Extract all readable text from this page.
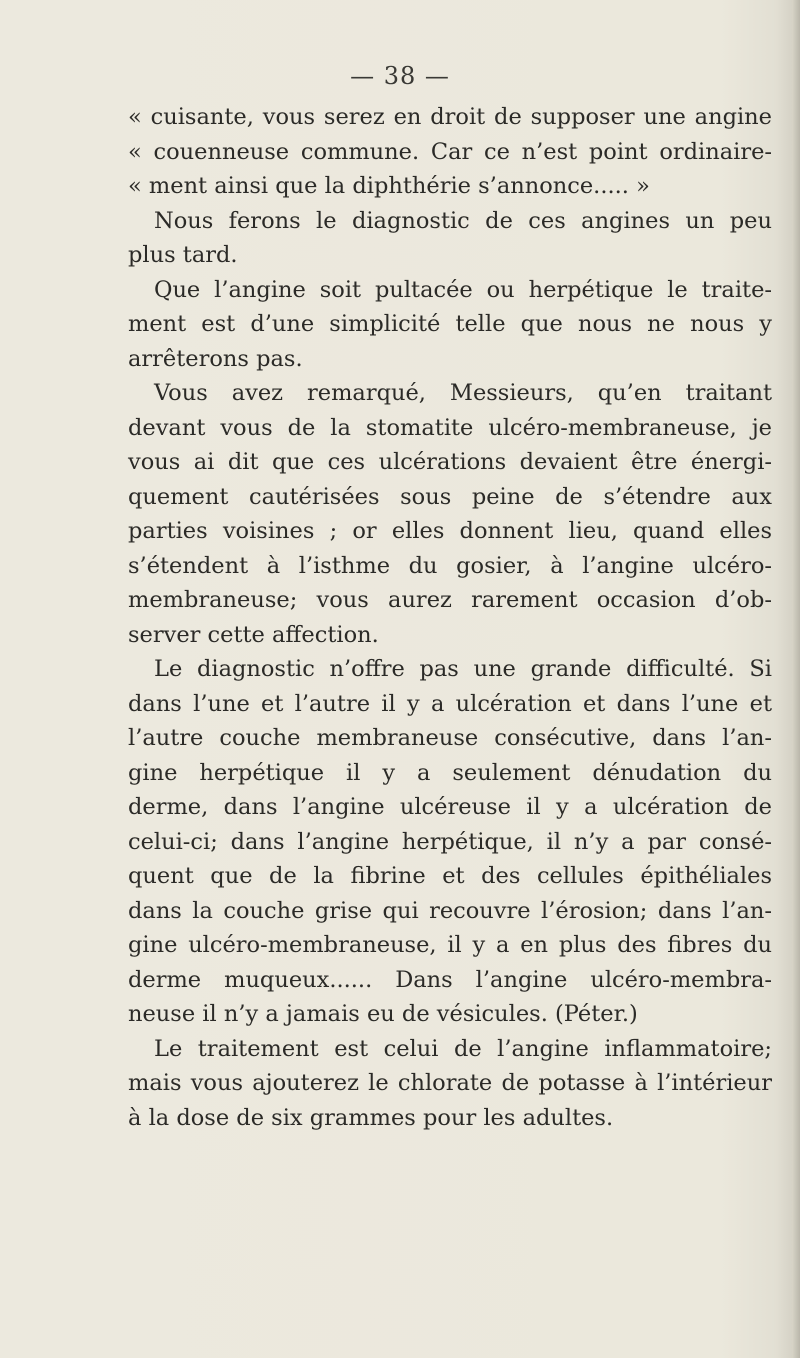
— 38 —
« cuisante, vous serez en droit de supposer une angine
« couenneuse commune. Car ce n’est point ordinaire-
« ment ainsi que la diphthérie s’annonce..... »
Nous ferons le diagnostic de ces angines un peu
plus tard.
Que l’angine soit pultacée ou herpétique le traite-
ment est d’une simplicité telle que nous ne nous y
arrêterons pas.
Vous avez remarqué, Messieurs, qu’en traitant
devant vous de la stomatite ulcéro-membraneuse, je
vous ai dit que ces ulcérations devaient être énergi-
quement cautérisées sous peine de s’étendre aux
parties voisines ; or elles donnent lieu, quand elles
s’étendent à l’isthme du gosier, à l’angine ulcéro-
membraneuse; vous aurez rarement occasion d’ob-
server cette affection.
Le diagnostic n’offre pas une grande difficulté. Si
dans l’une et l’autre il y a ulcération et dans l’une et
l’autre couche membraneuse consécutive, dans l’an-
gine herpétique il y a seulement dénudation du
derme, dans l’angine ulcéreuse il y a ulcération de
celui-ci; dans l’angine herpétique, il n’y a par consé-
quent que de la fibrine et des cellules épithéliales
dans la couche grise qui recouvre l’érosion; dans l’an-
gine ulcéro-membraneuse, il y a en plus des fibres du
derme muqueux...... Dans l’angine ulcéro-membra-
neuse il n’y a jamais eu de vésicules. (Péter.)
Le traitement est celui de l’angine inflammatoire;
mais vous ajouterez le chlorate de potasse à l’intérieur
à la dose de six grammes pour les adultes.
